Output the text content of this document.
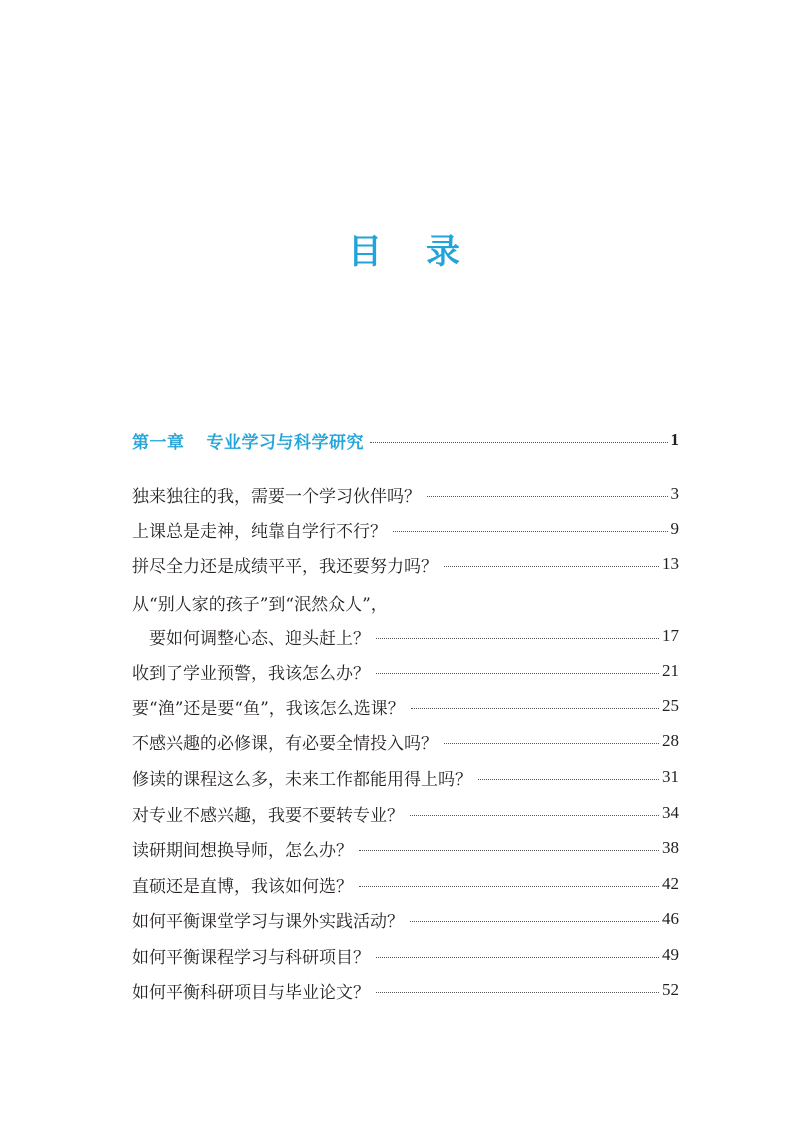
目录
第一章 专业学习与科学研究	1
独来独往的我，需要一个学习伙伴吗？	3
上课总是走神，纯靠自学行不行？	9
拼尽全力还是成绩平平，我还要努力吗？	13
从“别人家的孩子”到“泯然众人”，
要如何调整心态、迎头赶上？	17
收到了学业预警，我该怎么办？	21
要“渔”还是要“鱼”，我该怎么选课？	25
不感兴趣的必修课，有必要全情投入吗？	28
修读的课程这么多，未来工作都能用得上吗？	31
对专业不感兴趣，我要不要转专业？	34
读研期间想换导师，怎么办？	38
直硕还是直博，我该如何选？	42
如何平衡课堂学习与课外实践活动？	46
如何平衡课程学习与科研项目？	49
如何平衡科研项目与毕业论文？	52
